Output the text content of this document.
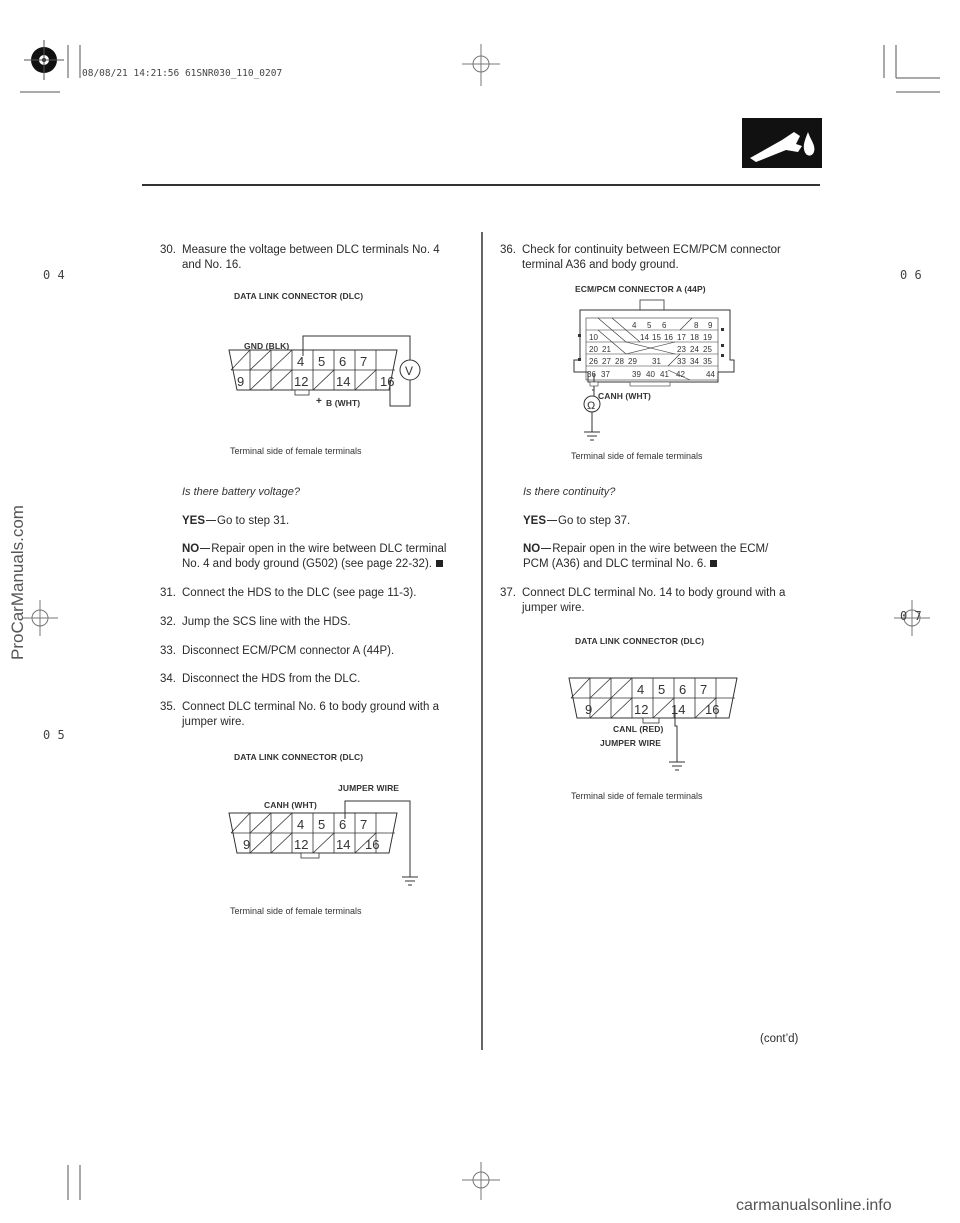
08/08/21 14:21:56 61SNR030_110_0207
0 4
0 5
0 6
0 7
ProCarManuals.com
carmanualsonline.info
30. Measure the voltage between DLC terminals No. 4
and No. 16.
DATA LINK CONNECTOR (DLC)
4 5 6 7
9	12 14 16
V
GND (BLK)
+ B (WHT)
Terminal side of female terminals
Is there battery voltage?
YES Go to step 31.
NO Repair open in the wire between DLC terminal
No. 4 and body ground (G502) (see page 22-32).
31. Connect the HDS to the DLC (see page 11-3).
32. Jump the SCS line with the HDS.
33. Disconnect ECM/PCM connector A (44P).
34. Disconnect the HDS from the DLC.
35. Connect DLC terminal No. 6 to body ground with a
jumper wire.
DATA LINK CONNECTOR (DLC)
JUMPER WIRE
CANH (WHT)
4 5 6 7
9	12 14 16
Terminal side of female terminals
36. Check for continuity between ECM/PCM connector
terminal A36 and body ground.
ECM/PCM CONNECTOR A (44P)
Ω
4 5 6	8 9
10	14 15 16 17 18 19
20 21	23 24 25
26 27 28 29 31 33 34 35
36 37	39 40 41 42	44
CANH (WHT)
Terminal side of female terminals
Is there continuity?
YES Go to step 37.
NO Repair open in the wire between the ECM/
PCM (A36) and DLC terminal No. 6.
37. Connect DLC terminal No. 14 to body ground with a
jumper wire.
DATA LINK CONNECTOR (DLC)
4 5 6 7
9	12 14 16
CANL (RED)
JUMPER WIRE
Terminal side of female terminals
(cont’d)
